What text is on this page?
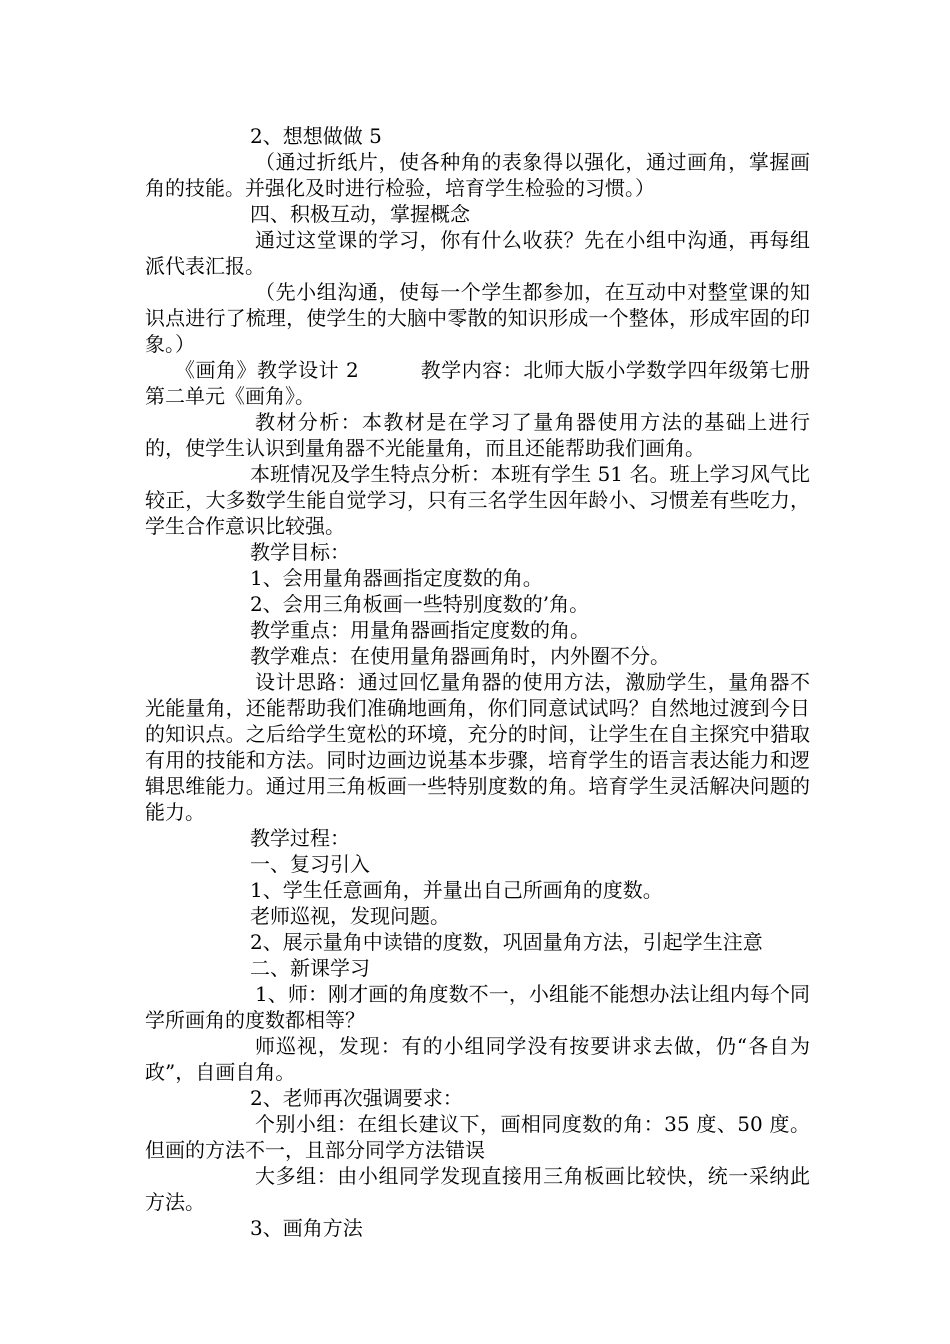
2、想想做做 5

（通过折纸片，使各种角的表象得以强化，通过画角，掌握画角的技能。并强化及时进行检验，培育学生检验的习惯。）

四、积极互动，掌握概念

通过这堂课的学习，你有什么收获？先在小组中沟通，再每组派代表汇报。

（先小组沟通，使每一个学生都参加，在互动中对整堂课的知识点进行了梳理，使学生的大脑中零散的知识形成一个整体，形成牢固的印象。）

《画角》教学设计 2　　　教学内容：北师大版小学数学四年级第七册第二单元《画角》。

教材分析：本教材是在学习了量角器使用方法的基础上进行的，使学生认识到量角器不光能量角，而且还能帮助我们画角。

本班情况及学生特点分析：本班有学生 51 名。班上学习风气比较正，大多数学生能自觉学习，只有三名学生因年龄小、习惯差有些吃力，学生合作意识比较强。

教学目标：

1、会用量角器画指定度数的角。

2、会用三角板画一些特别度数的’角。

教学重点：用量角器画指定度数的角。

教学难点：在使用量角器画角时，内外圈不分。

设计思路：通过回忆量角器的使用方法，激励学生，量角器不光能量角，还能帮助我们准确地画角，你们同意试试吗？自然地过渡到今日的知识点。之后给学生宽松的环境，充分的时间，让学生在自主探究中猎取有用的技能和方法。同时边画边说基本步骤，培育学生的语言表达能力和逻辑思维能力。通过用三角板画一些特别度数的角。培育学生灵活解决问题的能力。

教学过程：

一、复习引入

1、学生任意画角，并量出自己所画角的度数。

老师巡视，发现问题。

2、展示量角中读错的度数，巩固量角方法，引起学生注意

二、新课学习

1、师：刚才画的角度数不一，小组能不能想办法让组内每个同学所画角的度数都相等？

师巡视，发现：有的小组同学没有按要讲求去做，仍“各自为政”，自画自角。

2、老师再次强调要求：

个别小组：在组长建议下，画相同度数的角：35 度、50 度。但画的方法不一，且部分同学方法错误

大多组：由小组同学发现直接用三角板画比较快，统一采纳此方法。

3、画角方法
